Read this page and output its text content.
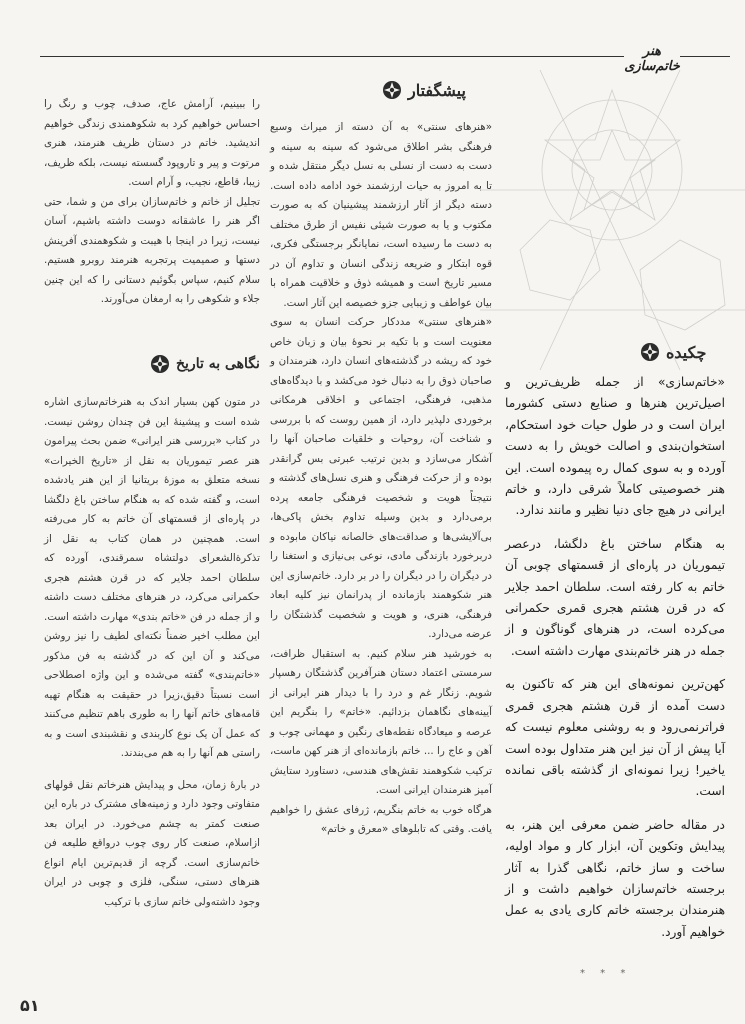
هنر خاتم‌سازی
پیشگفتار

«هنرهای سنتی» به آن دسته از میراث وسیع فرهنگی بشر اطلاق می‌شود که سینه به سینه و دست به دست از نسلی به نسل دیگر منتقل شده و تا به امروز به حیات ارزشمند خود ادامه داده است. دسته دیگر از آثار ارزشمند پیشینیان که به صورت مکتوب و یا به صورت شیئی نفیس از طرق مختلف به دست ما رسیده است، نمایانگر برجستگی فکری، قوه ابتکار و ضریعه زندگی انسان و تداوم آن در مسیر تاریخ است و همیشه ذوق و خلاقیت همراه با بیان عواطف و زیبایی جزو خصیصه این آثار است.

«هنرهای سنتی» مددکار حرکت انسان به سوی معنویت است و با تکیه بر نحوهٔ بیان و زبان خاص خود که ریشه در گذشته‌های انسان دارد، هنرمندان و صاحبان ذوق را به دنبال خود می‌کشد و با دیدگاه‌های مذهبی، فرهنگی، اجتماعی و اخلاقی هرمکانی برخوردی دلپذیر دارد، از همین روست که با بررسی و شناخت آن، روحیات و خلقیات صاحبان آنها را آشکار می‌سازد و بدین ترتیب عبرتی بس گرانقدر بوده و از حرکت فرهنگی و هنری نسل‌های گذشته و نتیجتاً هویت و شخصیت فرهنگی جامعه پرده برمی‌دارد و بدین وسیله تداوم بخش پاکی‌ها، بی‌آلایشی‌ها و صداقت‌های خالصانه نیاکان مابوده و دربرخورد بازندگی مادی، نوعی بی‌نیازی و استغنا را در دیگران را در دیگران را در بر دارد. خاتم‌سازی این هنر شکوهمند بازمانده از پدرانمان نیز کلیه ابعاد فرهنگی، هنری، و هویت و شخصیت گذشتگان را عرضه می‌دارد.

به خورشید هنر سلام کنیم. به استقبال ظرافت، سرمستی اعتماد دستان هنرآفرین گذشتگان رهسپار شویم. زنگار غم و درد را با دیدار هنر ایرانی از آیینه‌های نگاهمان بزدائیم. «خاتم» را بنگریم این عرصه و میعادگاه نقطه‌های رنگین و مهمانی چوب و آهن و عاج را ... خاتم بازمانده‌ای از هنر کهن ماست، ترکیب شکوهمند نقش‌های هندسی، دستاورد ستایش آمیز هنرمندان ایرانی است.

هرگاه خوب به خاتم بنگریم، ژرفای عشق را خواهیم یافت. وقتی که تابلوهای «معرق و خاتم»

را ببینیم، آرامش عاج، صدف، چوب و رنگ را احساس خواهیم کرد به شکوهمندی زندگی خواهیم اندیشید. خاتم در دستان ظریف هنرمند، هنری مرتوت و پیر و تاروپود گسسته نیست، بلکه ظریف، زیبا، قاطع، نجیب، و آرام است.

تجلیل از خاتم و خاتم‌سازان برای من و شما، حتی اگر هنر را عاشقانه دوست داشته باشیم، آسان نیست، زیرا در اینجا با هیبت و شکوهمندی آفرینش دستها و صمیمیت پرتجربه هنرمند روبرو هستیم. سلام کنیم، سپاس بگوئیم دستانی را که این چنین جلاء و شکوهی را به ارمغان می‌آورند.

نگاهی به تاریخ

در متون کهن بسیار اندک به هنرخاتم‌سازی اشاره شده است و پیشینهٔ این فن چندان روشن نیست. در کتاب «بررسی هنر ایرانی» ضمن بحث پیرامون هنر عصر تیموریان به نقل از «تاریخ الخیرات» نسخه متعلق به موزهٔ بریتانیا از این هنر یادشده است، و گفته شده که به هنگام ساختن باغ دلگشا در پاره‌ای از قسمتهای آن خاتم به کار می‌رفته است. همچنین در همان کتاب به نقل از تذکرة‌الشعرای دولتشاه سمرقندی، آورده که سلطان احمد جلایر که در قرن هشتم هجری حکمرانی می‌کرد، در هنرهای مختلف دست داشته و از جمله در فن «خاتم بندی» مهارت داشته است. این مطلب اخیر ضمناً نکته‌ای لطیف را نیز روشن می‌کند و آن این که در گذشته به فن مذکور «خاتم‌بندی» گفته می‌شده و این واژه اصطلاحی است نسبتاً دقیق،زیرا در حقیقت به هنگام تهیه قامه‌های خاتم آنها را به طوری باهم تنظیم می‌کنند که عمل آن یک نوع کاربندی و نقشبندی است و به راستی هم آنها را به هم می‌بندند.

در بارهٔ زمان، محل و پیدایش هنرخاتم نقل قولهای متفاوتی وجود دارد و زمینه‌های مشترک در باره این صنعت کمتر به چشم می‌خورد. در ایران بعد ازاسلام، صنعت کار روی چوب درواقع طلیعه فن خاتم‌سازی است. گرچه از قدیم‌ترین ایام انواع هنرهای دستی، سنگی، فلزی و چوبی در ایران وجود داشته‌ولی خاتم سازی با ترکیب

چکیده

«خاتم‌سازی» از جمله ظریف‌ترین و اصیل‌ترین هنرها و صنایع دستی کشورما ایران است و در طول حیات خود استحکام، استخوان‌بندی و اصالت خویش را به دست آورده و به سوی کمال ره پیموده است. این هنر خصوصیتی کاملاً شرقی دارد، و خاتم ایرانی در هیچ جای دنیا نظیر و مانند ندارد.

به هنگام ساختن باغ دلگشا، درعصر تیموریان در پاره‌ای از قسمتهای چوبی آن خاتم به کار رفته است. سلطان احمد جلایر که در قرن هشتم هجری قمری حکمرانی می‌کرده است، در هنرهای گوناگون و از جمله در هنر خاتم‌بندی مهارت داشته است.

کهن‌ترین نمونه‌های این هنر که تاکنون به دست آمده از قرن هشتم هجری قمری فراترنمی‌رود و به روشنی معلوم نیست که آیا پیش از آن نیز این هنر متداول بوده است یاخیر! زیرا نمونه‌ای از گذشته باقی نمانده است.

در مقاله حاضر ضمن معرفی این هنر، به پیدایش وتکوین آن، ابزار کار و مواد اولیه، ساخت و ساز خاتم، نگاهی گذرا به آثار برجسته خاتم‌سازان خواهیم داشت و از هنرمندان برجسته خاتم کاری یادی به عمل خواهیم آورد.

* * *
۵۱
